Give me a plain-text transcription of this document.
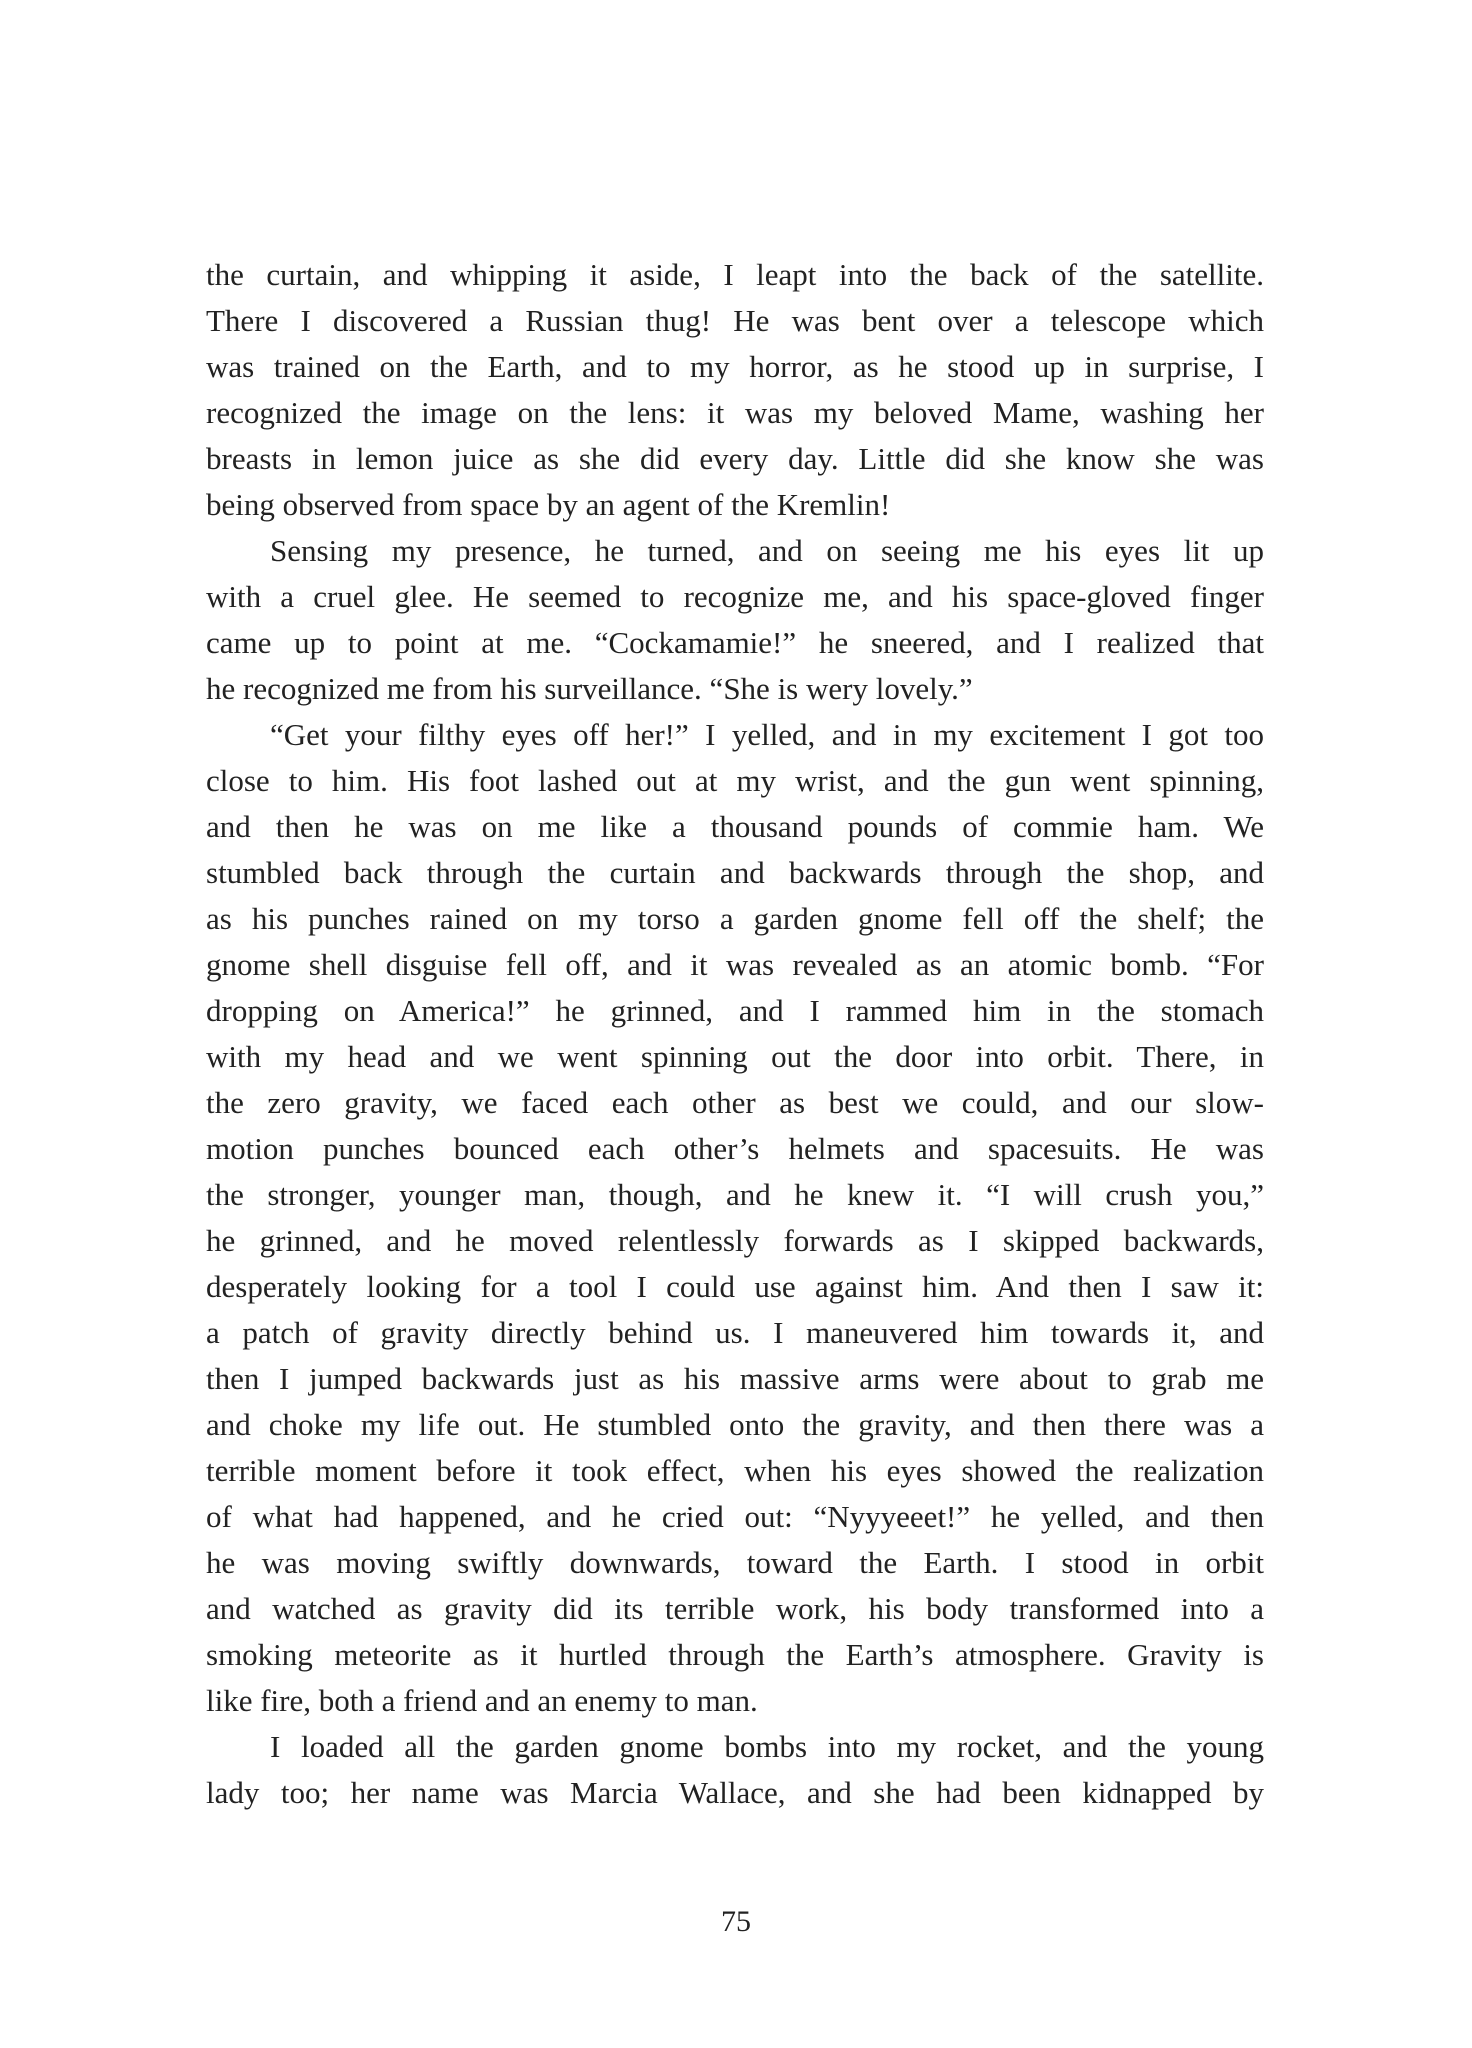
the curtain, and whipping it aside, I leapt into the back of the satellite.
There I discovered a Russian thug! He was bent over a telescope which
was trained on the Earth, and to my horror, as he stood up in surprise, I
recognized the image on the lens: it was my beloved Mame, washing her
breasts in lemon juice as she did every day. Little did she know she was
being observed from space by an agent of the Kremlin!
Sensing my presence, he turned, and on seeing me his eyes lit up
with a cruel glee. He seemed to recognize me, and his space-gloved finger
came up to point at me. “Cockamamie!” he sneered, and I realized that
he recognized me from his surveillance. “She is wery lovely.”
“Get your filthy eyes off her!” I yelled, and in my excitement I got too
close to him. His foot lashed out at my wrist, and the gun went spinning,
and then he was on me like a thousand pounds of commie ham. We
stumbled back through the curtain and backwards through the shop, and
as his punches rained on my torso a garden gnome fell off the shelf; the
gnome shell disguise fell off, and it was revealed as an atomic bomb. “For
dropping on America!” he grinned, and I rammed him in the stomach
with my head and we went spinning out the door into orbit. There, in
the zero gravity, we faced each other as best we could, and our slow-
motion punches bounced each other’s helmets and spacesuits. He was
the stronger, younger man, though, and he knew it. “I will crush you,”
he grinned, and he moved relentlessly forwards as I skipped backwards,
desperately looking for a tool I could use against him. And then I saw it:
a patch of gravity directly behind us. I maneuvered him towards it, and
then I jumped backwards just as his massive arms were about to grab me
and choke my life out. He stumbled onto the gravity, and then there was a
terrible moment before it took effect, when his eyes showed the realization
of what had happened, and he cried out: “Nyyyeeet!” he yelled, and then
he was moving swiftly downwards, toward the Earth. I stood in orbit
and watched as gravity did its terrible work, his body transformed into a
smoking meteorite as it hurtled through the Earth’s atmosphere. Gravity is
like fire, both a friend and an enemy to man.
I loaded all the garden gnome bombs into my rocket, and the young
lady too; her name was Marcia Wallace, and she had been kidnapped by
75
